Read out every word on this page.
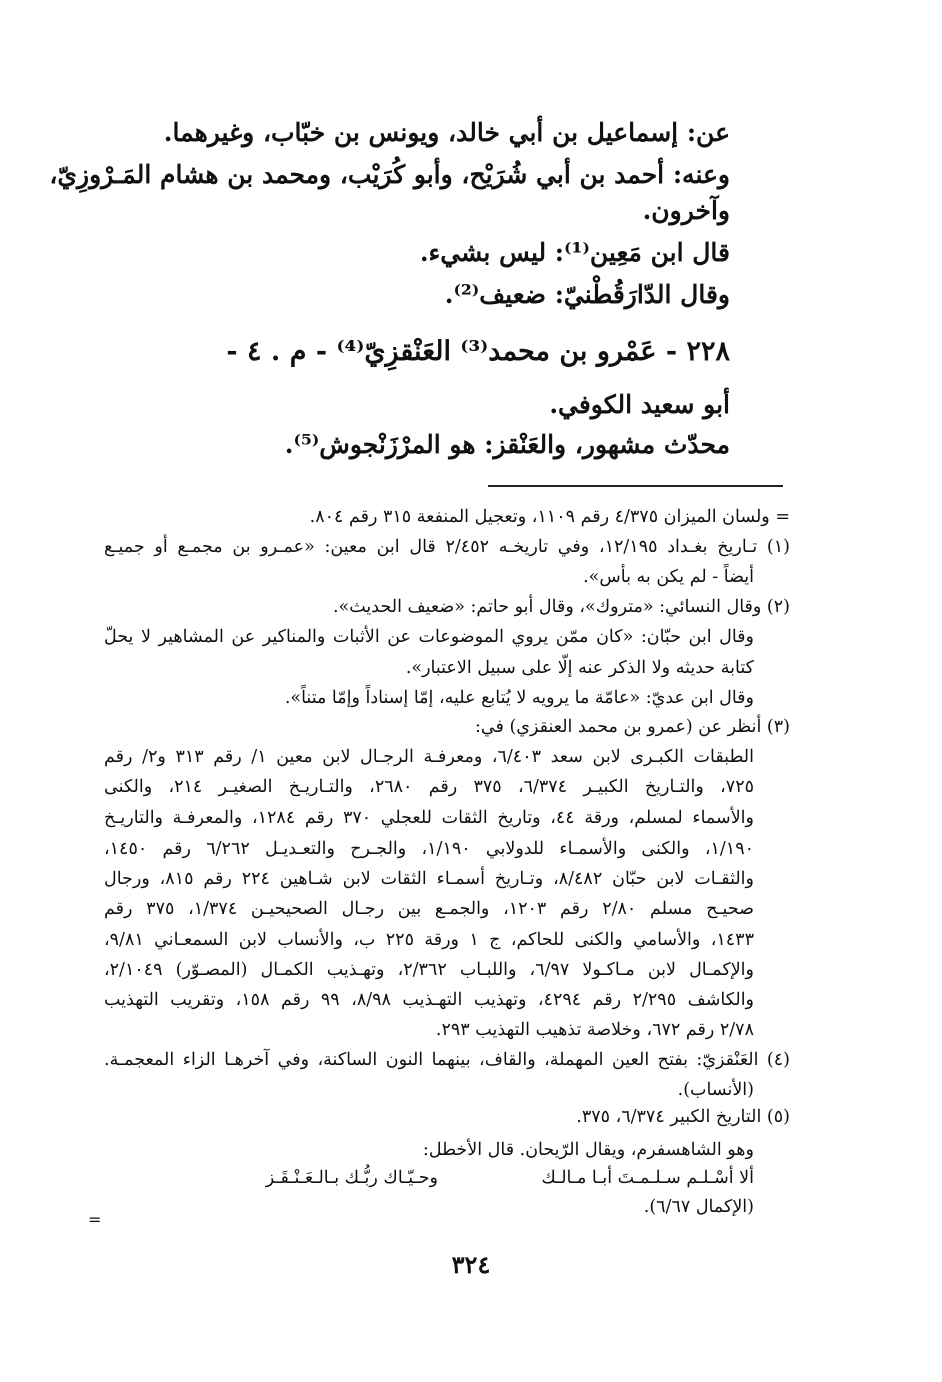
عن: إسماعيل بن أبي خالد، ويونس بن خبّاب، وغيرهما.
وعنه: أحمد بن أبي شُرَيْح، وأبو كُرَيْب، ومحمد بن هشام المَـرْوزِيّ،
وآخرون.
قال ابن مَعِين⁽¹⁾: ليس بشيء.
وقال الدّارَقُطْنيّ: ضعيف⁽²⁾.
٢٢٨ - عَمْرو بن محمد⁽³⁾ العَنْقزِيّ⁽⁴⁾ - م . ٤ -
أبو سعيد الكوفي.
محدّث مشهور، والعَنْقز: هو المرْزَنْجوش⁽⁵⁾.
= ولسان الميزان ٤/٣٧٥ رقم ١١٠٩، وتعجيل المنفعة ٣١٥ رقم ٨٠٤.
(١) تـاريخ بغـداد ١٢/١٩٥، وفي تاريخـه ٢/٤٥٢ قال ابن معين: «عمـرو بن مجمـع أو جميـع
أيضاً - لم يكن به بأس».
(٢) وقال النسائي: «متروك»، وقال أبو حاتم: «ضعيف الحديث».
وقال ابن حبّان: «كان ممّن يروي الموضوعات عن الأثبات والمناكير عن المشاهير لا يحلّ
كتابة حديثه ولا الذكر عنه إلّا على سبيل الاعتبار».
وقال ابن عديّ: «عامّة ما يرويه لا يُتابع عليه، إمّا إسناداً وإمّا متناً».
(٣) أنظر عن (عمرو بن محمد العنقزي) في:
الطبقات الكبـرى لابن سعد ٦/٤٠٣، ومعرفـة الرجـال لابن معين ١/ رقم ٣١٣ و٢/ رقم
٧٢٥، والتـاريخ الكبيـر ٦/٣٧٤، ٣٧٥ رقم ٢٦٨٠، والتـاريـخ الصغيـر ٢١٤، والكنى
والأسماء لمسلم، ورقة ٤٤، وتاريخ الثقات للعجلي ٣٧٠ رقم ١٢٨٤، والمعرفـة والتاريـخ
١/١٩٠، والكنى والأسمـاء للدولابي ١/١٩٠، والجـرح والتعـديـل ٦/٢٦٢ رقم ١٤٥٠،
والثقـات لابن حبّان ٨/٤٨٢، وتـاريخ أسمـاء الثقات لابن شـاهين ٢٢٤ رقم ٨١٥، ورجال
صحيـح مسلم ٢/٨٠ رقم ١٢٠٣، والجمـع بين رجـال الصحيحيـن ١/٣٧٤، ٣٧٥ رقم
١٤٣٣، والأسامي والكنى للحاكم، ج ١ ورقة ٢٢٥ ب، والأنساب لابن السمعـاني ٩/٨١،
والإكمـال لابن مـاكـولا ٦/٩٧، واللبـاب ٢/٣٦٢، وتهـذيب الكمـال (المصـوّر) ٢/١٠٤٩،
والكاشف ٢/٢٩٥ رقم ٤٢٩٤، وتهذيب التهـذيب ٨/٩٨، ٩٩ رقم ١٥٨، وتقريب التهذيب
٢/٧٨ رقم ٦٧٢، وخلاصة تذهيب التهذيب ٢٩٣.
(٤) العَنْقزيّ: بفتح العين المهملة، والقاف، بينهما النون الساكنة، وفي آخرهـا الزاء المعجمـة.
(الأنساب).
(٥) التاريخ الكبير ٦/٣٧٤، ٣٧٥.
وهو الشاهسفرم، ويقال الرّيحان. قال الأخطل:
ألا أسْـلـم سـلـمـتَ أبـا مـالـك
وحـيّـاك ربُّـك بـالـعَـنْـقَـز
(الإكمال ٦/٦٧).
=
٣٢٤
